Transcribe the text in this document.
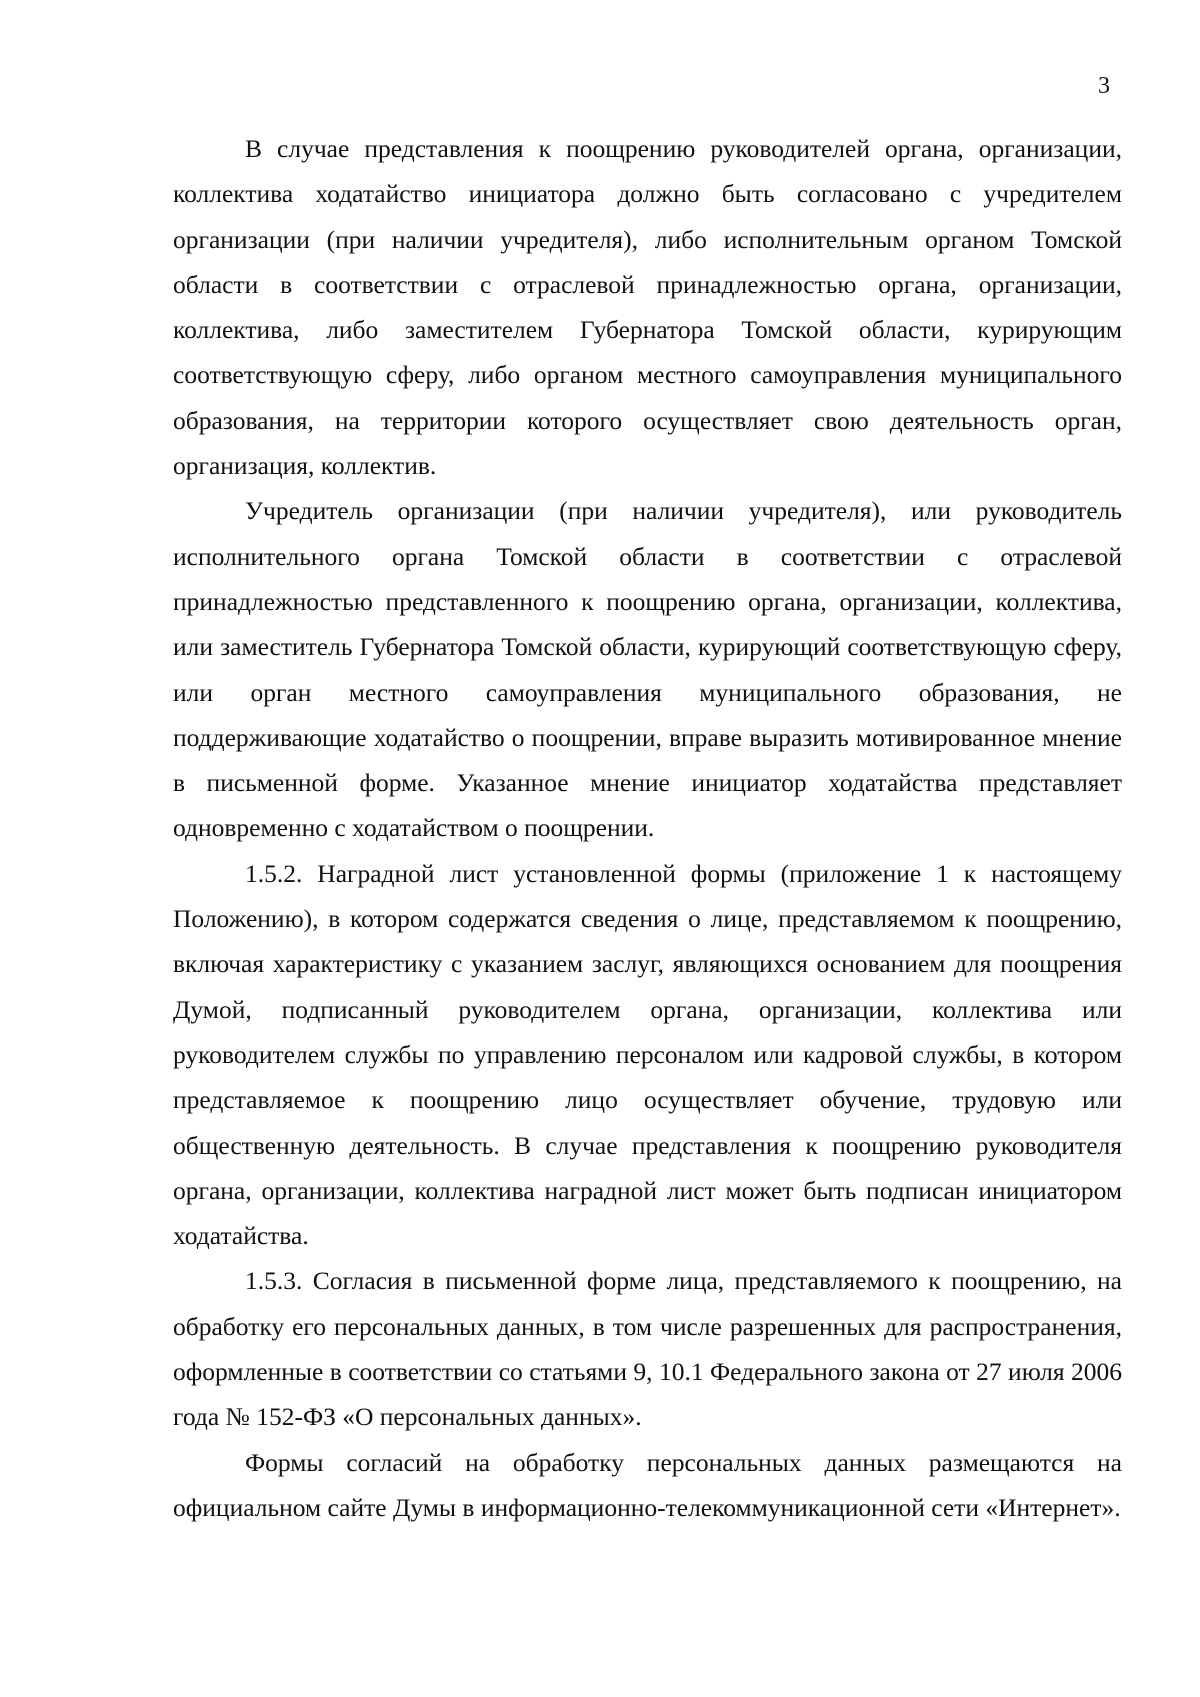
3

В случае представления к поощрению руководителей органа, организации, коллектива ходатайство инициатора должно быть согласовано с учредителем организации (при наличии учредителя), либо исполнительным органом Томской области в соответствии с отраслевой принадлежностью органа, организации, коллектива, либо заместителем Губернатора Томской области, курирующим соответствующую сферу, либо органом местного самоуправления муниципального образования, на территории которого осуществляет свою деятельность орган, организация, коллектив.

Учредитель организации (при наличии учредителя), или руководитель исполнительного органа Томской области в соответствии с отраслевой принадлежностью представленного к поощрению органа, организации, коллектива, или заместитель Губернатора Томской области, курирующий соответствующую сферу, или орган местного самоуправления муниципального образования, не поддерживающие ходатайство о поощрении, вправе выразить мотивированное мнение в письменной форме. Указанное мнение инициатор ходатайства представляет одновременно с ходатайством о поощрении.

1.5.2. Наградной лист установленной формы (приложение 1 к настоящему Положению), в котором содержатся сведения о лице, представляемом к поощрению, включая характеристику с указанием заслуг, являющихся основанием для поощрения Думой, подписанный руководителем органа, организации, коллектива или руководителем службы по управлению персоналом или кадровой службы, в котором представляемое к поощрению лицо осуществляет обучение, трудовую или общественную деятельность. В случае представления к поощрению руководителя органа, организации, коллектива наградной лист может быть подписан инициатором ходатайства.

1.5.3. Согласия в письменной форме лица, представляемого к поощрению, на обработку его персональных данных, в том числе разрешенных для распространения, оформленные в соответствии со статьями 9, 10.1 Федерального закона от 27 июля 2006 года № 152-ФЗ «О персональных данных».

Формы согласий на обработку персональных данных размещаются на официальном сайте Думы в информационно-телекоммуникационной сети «Интернет».
